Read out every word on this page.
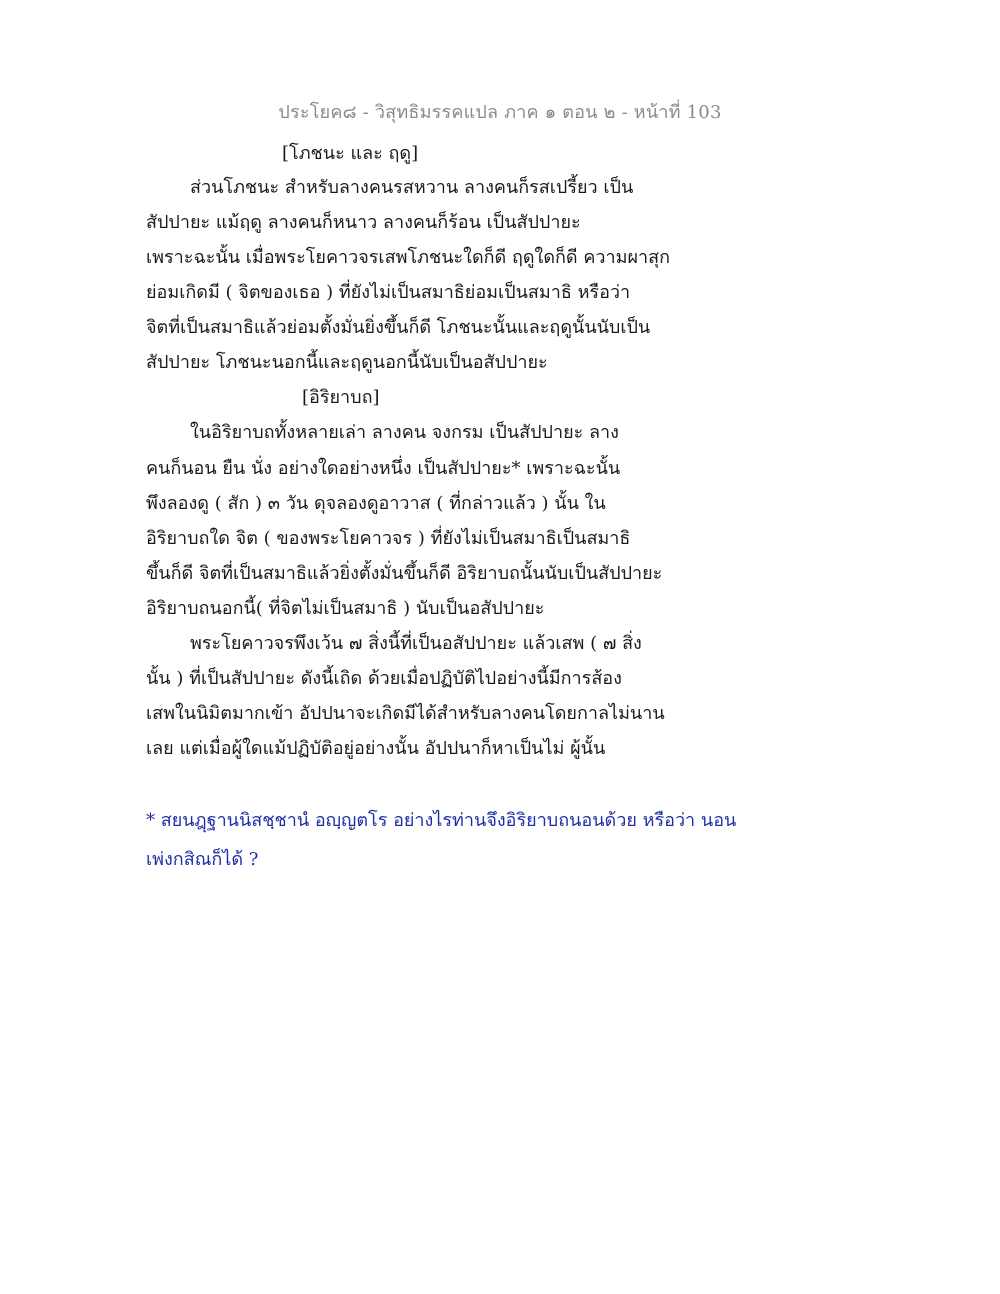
ประโยค๘ - วิสุทธิมรรคแปล ภาค ๑ ตอน ๒ - หน้าที่ 103
[โภชนะ และ ฤดู]
ส่วนโภชนะ สำหรับลางคนรสหวาน ลางคนก็รสเปรี้ยว เป็น
สัปปายะ แม้ฤดู ลางคนก็หนาว ลางคนก็ร้อน เป็นสัปปายะ
เพราะฉะนั้น เมื่อพระโยคาวจรเสพโภชนะใดก็ดี ฤดูใดก็ดี ความผาสุก
ย่อมเกิดมี ( จิตของเธอ ) ที่ยังไม่เป็นสมาธิย่อมเป็นสมาธิ หรือว่า
จิตที่เป็นสมาธิแล้วย่อมตั้งมั่นยิ่งขึ้นก็ดี โภชนะนั้นและฤดูนั้นนับเป็น
สัปปายะ โภชนะนอกนี้และฤดูนอกนี้นับเป็นอสัปปายะ
[อิริยาบถ]
ในอิริยาบถทั้งหลายเล่า ลางคน จงกรม เป็นสัปปายะ ลาง
คนก็นอน ยืน นั่ง อย่างใดอย่างหนึ่ง เป็นสัปปายะ* เพราะฉะนั้น
พึงลองดู ( สัก ) ๓ วัน ดุจลองดูอาวาส ( ที่กล่าวแล้ว ) นั้น ใน
อิริยาบถใด จิต ( ของพระโยคาวจร ) ที่ยังไม่เป็นสมาธิเป็นสมาธิ
ขึ้นก็ดี จิตที่เป็นสมาธิแล้วยิ่งตั้งมั่นขึ้นก็ดี อิริยาบถนั้นนับเป็นสัปปายะ
อิริยาบถนอกนี้( ที่จิตไม่เป็นสมาธิ ) นับเป็นอสัปปายะ
พระโยคาวจรพึงเว้น ๗ สิ่งนี้ที่เป็นอสัปปายะ แล้วเสพ ( ๗ สิ่ง
นั้น ) ที่เป็นสัปปายะ ดังนี้เถิด ด้วยเมื่อปฏิบัติไปอย่างนี้มีการส้อง
เสพในนิมิตมากเข้า อัปปนาจะเกิดมีได้สำหรับลางคนโดยกาลไม่นาน
เลย แต่เมื่อผู้ใดแม้ปฏิบัติอยู่อย่างนั้น อัปปนาก็หาเป็นไม่ ผู้นั้น
* สยนฎฺฐานนิสชฺชานํ อญฺญตโร อย่างไรท่านจึงอิริยาบถนอนด้วย หรือว่า นอน
เพ่งกสิณก็ได้ ?
